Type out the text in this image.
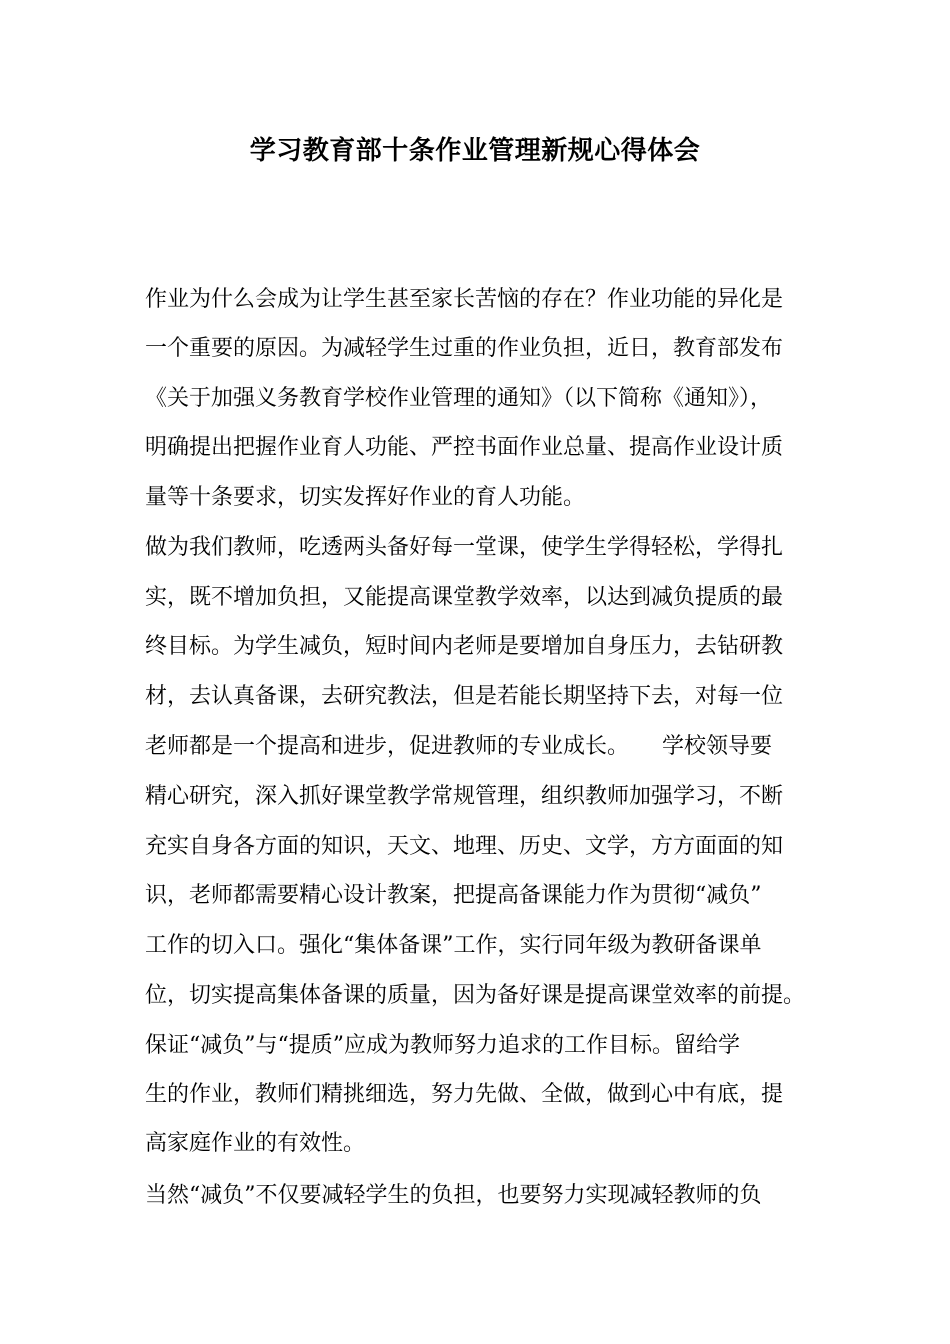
学习教育部十条作业管理新规心得体会
作业为什么会成为让学生甚至家长苦恼的存在？作业功能的异化是
一个重要的原因。为减轻学生过重的作业负担，近日，教育部发布
《关于加强义务教育学校作业管理的通知》（以下简称《通知》），
明确提出把握作业育人功能、严控书面作业总量、提高作业设计质
量等十条要求，切实发挥好作业的育人功能。
做为我们教师，吃透两头备好每一堂课，使学生学得轻松，学得扎
实，既不增加负担，又能提高课堂教学效率，以达到减负提质的最
终目标。为学生减负，短时间内老师是要增加自身压力，去钻研教
材，去认真备课，去研究教法，但是若能长期坚持下去，对每一位
老师都是一个提高和进步，促进教师的专业成长。　　学校领导要
精心研究，深入抓好课堂教学常规管理，组织教师加强学习，不断
充实自身各方面的知识，天文、地理、历史、文学，方方面面的知
识，老师都需要精心设计教案，把提高备课能力作为贯彻“减负”
工作的切入口。强化“集体备课”工作，实行同年级为教研备课单
位，切实提高集体备课的质量，因为备好课是提高课堂效率的前提。
保证“减负”与“提质”应成为教师努力追求的工作目标。留给学
生的作业，教师们精挑细选，努力先做、全做，做到心中有底，提
高家庭作业的有效性。
当然“减负”不仅要减轻学生的负担，也要努力实现减轻教师的负
